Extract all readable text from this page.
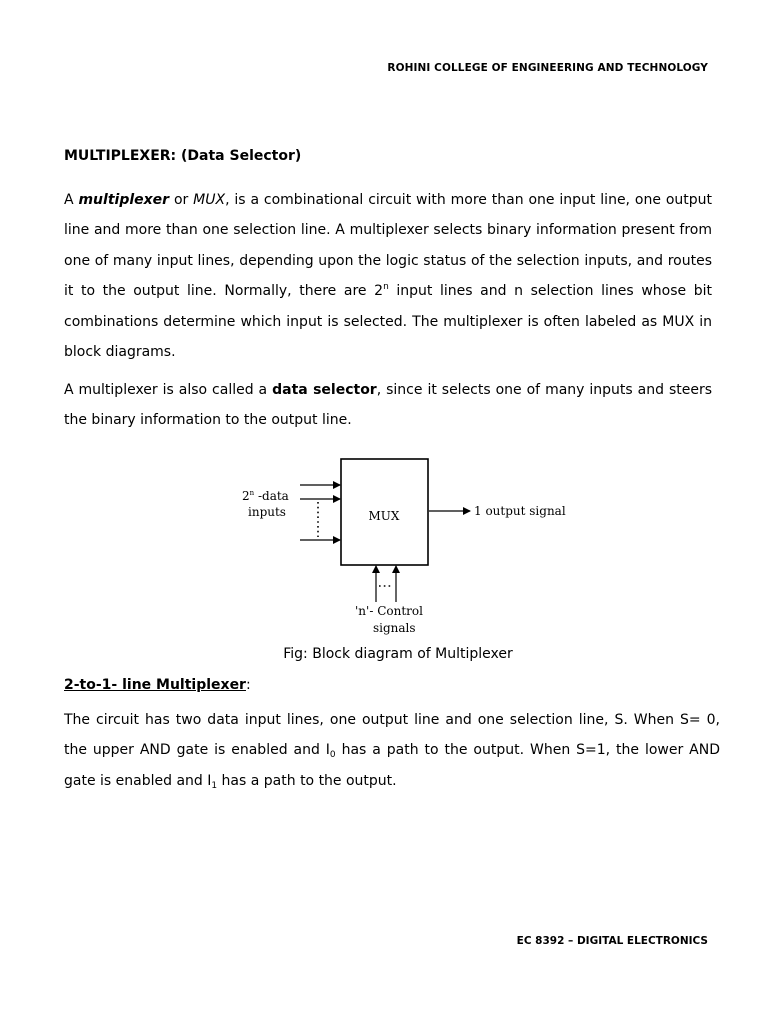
ROHINI COLLEGE OF ENGINEERING AND TECHNOLOGY
MULTIPLEXER: (Data Selector)

A multiplexer or MUX, is a combinational circuit with more than one input line, one output line and more than one selection line. A multiplexer selects binary information present from one of many input lines, depending upon the logic status of the selection inputs, and routes it to the output line. Normally, there are 2$^n$ input lines and n selection lines whose bit combinations determine which input is selected. The multiplexer is often labeled as MUX in block diagrams.

A multiplexer is also called a data selector, since it selects one of many inputs and steers the binary information to the output line.

MUX
2$^n$ -data
inputs	1 output signal
'n'- Control
signals
Fig: Block diagram of Multiplexer
2-to-1- line Multiplexer:

The circuit has two data input lines, one output line and one selection line, S. When S= 0, the upper AND gate is enabled and $I_0$ has a path to the output. When S=1, the lower AND gate is enabled and $I_1$ has a path to the output.

EC 8392 – DIGITAL ELECTRONICS
